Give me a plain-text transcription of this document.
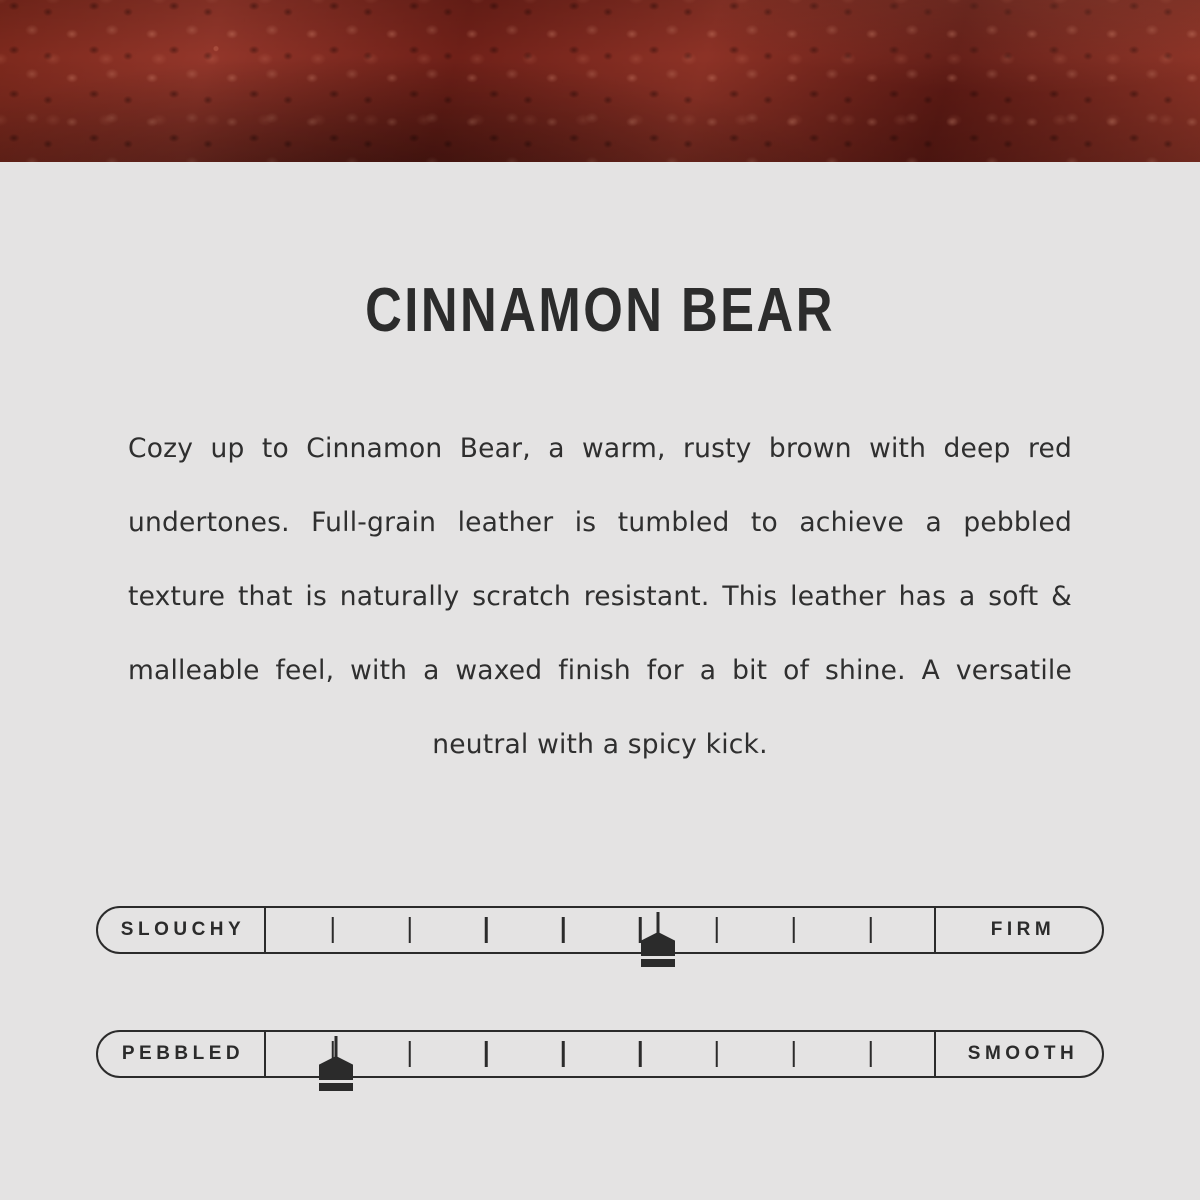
CINNAMON BEAR
Cozy up to Cinnamon Bear, a warm, rusty brown with deep red undertones. Full-grain leather is tumbled to achieve a pebbled texture that is naturally scratch resistant. This leather has a soft & malleable feel, with a waxed finish for a bit of shine. A versatile neutral with a spicy kick.
SLOUCHY	FIRM
PEBBLED	SMOOTH
